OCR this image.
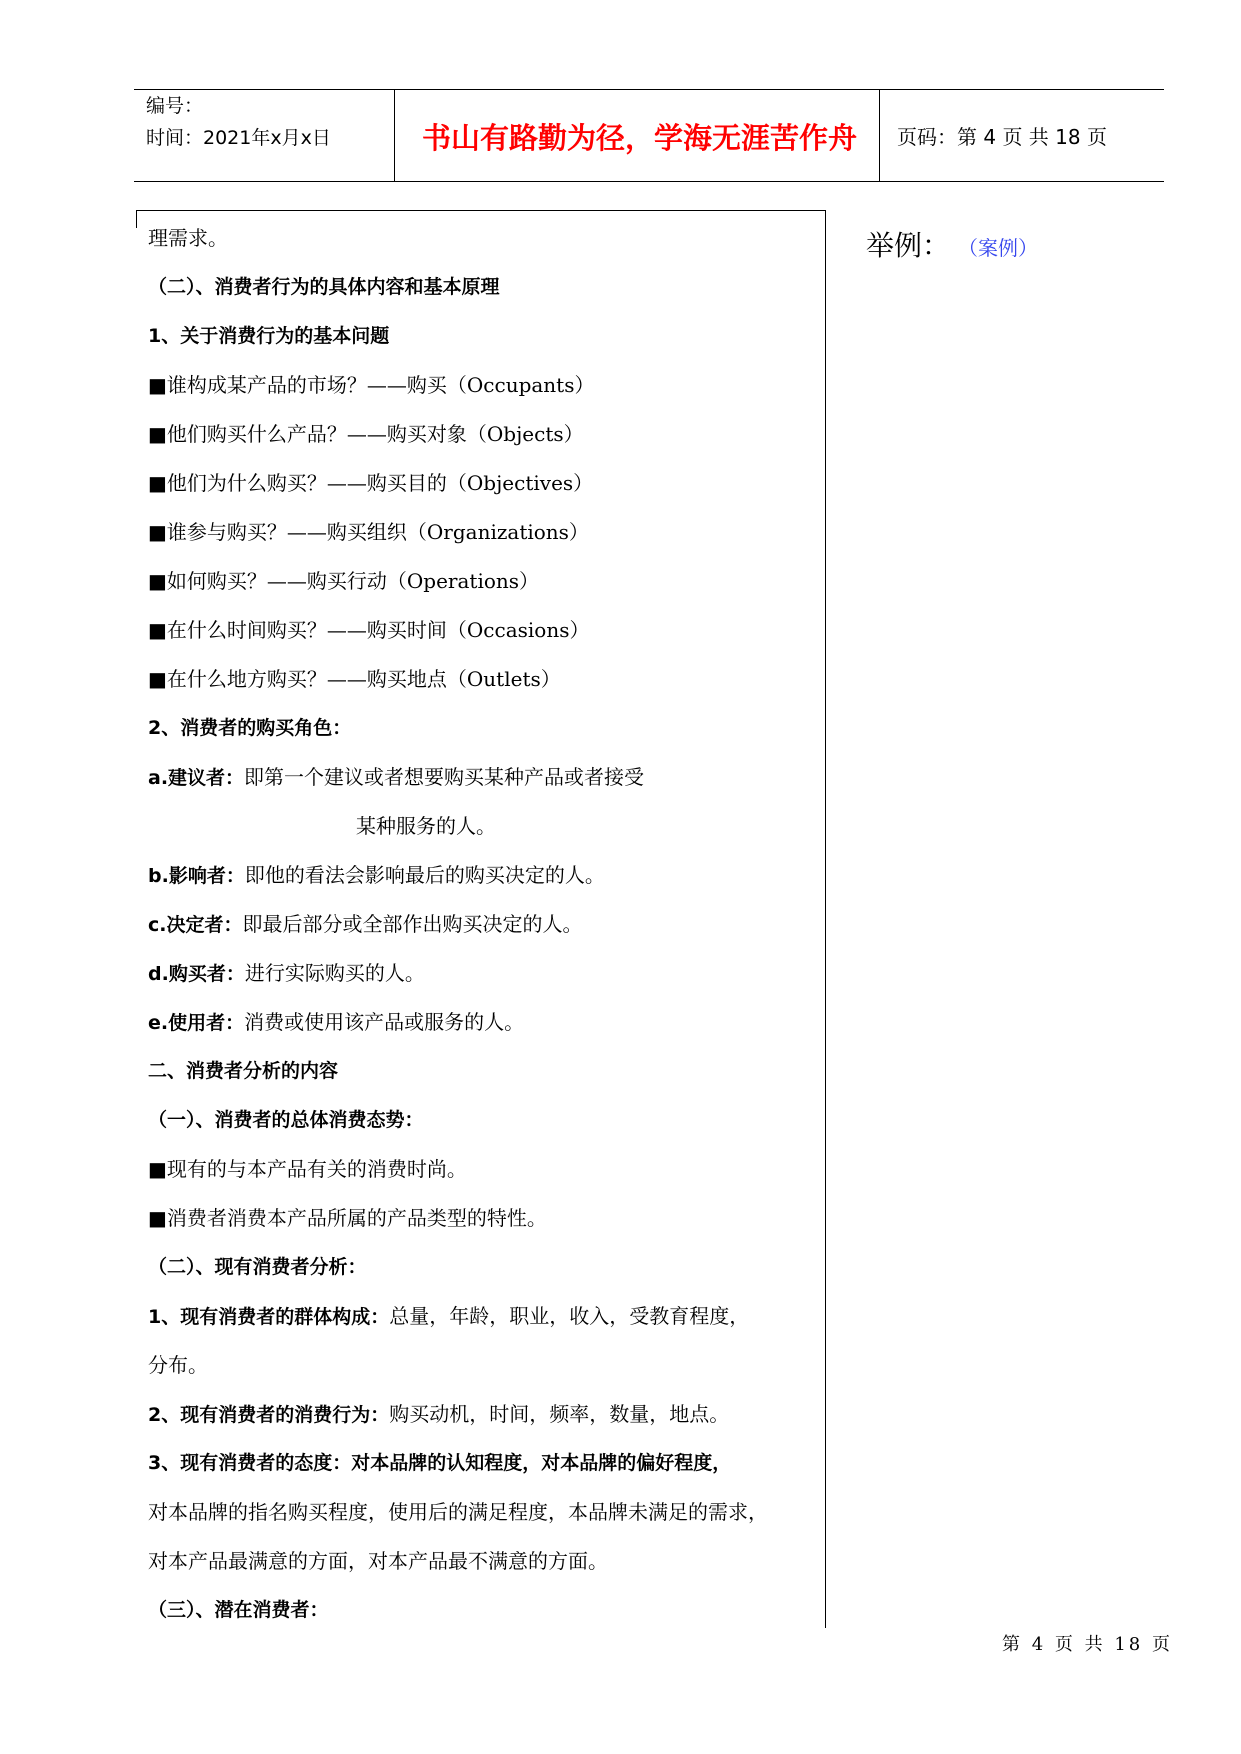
编号：
时间：2021年x月x日	书山有路勤为径，学海无涯苦作舟	页码：第 4 页 共 18 页
理需求。
（二）、消费者行为的具体内容和基本原理
1、关于消费行为的基本问题
■谁构成某产品的市场？——购买（Occupants）
■他们购买什么产品？——购买对象（Objects）
■他们为什么购买？——购买目的（Objectives）
■谁参与购买？——购买组织（Organizations）
■如何购买？——购买行动（Operations）
■在什么时间购买？——购买时间（Occasions）
■在什么地方购买？——购买地点（Outlets）
2、消费者的购买角色：
a.建议者：即第一个建议或者想要购买某种产品或者接受
某种服务的人。
b.影响者：即他的看法会影响最后的购买决定的人。
c.决定者：即最后部分或全部作出购买决定的人。
d.购买者：进行实际购买的人。
e.使用者：消费或使用该产品或服务的人。
二、消费者分析的内容
（一）、消费者的总体消费态势：
■现有的与本产品有关的消费时尚。
■消费者消费本产品所属的产品类型的特性。
（二）、现有消费者分析：
1、现有消费者的群体构成：总量，年龄，职业，收入，受教育程度，
分布。
2、现有消费者的消费行为：购买动机，时间，频率，数量，地点。
3、现有消费者的态度：对本品牌的认知程度，对本品牌的偏好程度，
对本品牌的指名购买程度，使用后的满足程度，本品牌未满足的需求，
对本产品最满意的方面，对本产品最不满意的方面。
（三）、潜在消费者：
举例： （案例）
第 4 页 共 18 页
